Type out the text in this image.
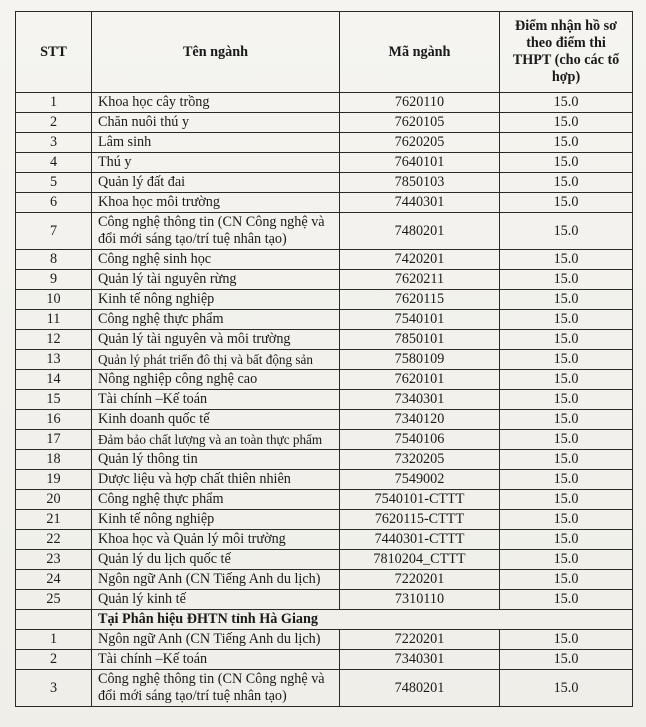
STT	Tên ngành	Mã ngành	Điểm nhận hồ sơ theo điểm thi THPT (cho các tổ hợp)
1	Khoa học cây trồng	7620110	15.0
2	Chăn nuôi thú y	7620105	15.0
3	Lâm sinh	7620205	15.0
4	Thú y	7640101	15.0
5	Quản lý đất đai	7850103	15.0
6	Khoa học môi trường	7440301	15.0
7	Công nghệ thông tin (CN Công nghệ và đổi mới sáng tạo/trí tuệ nhân tạo)	7480201	15.0
8	Công nghệ sinh học	7420201	15.0
9	Quản lý tài nguyên rừng	7620211	15.0
10	Kinh tế nông nghiệp	7620115	15.0
11	Công nghệ thực phẩm	7540101	15.0
12	Quản lý tài nguyên và môi trường	7850101	15.0
13	Quản lý phát triển đô thị và bất động sản	7580109	15.0
14	Nông nghiệp công nghệ cao	7620101	15.0
15	Tài chính –Kế toán	7340301	15.0
16	Kinh doanh quốc tế	7340120	15.0
17	Đảm bảo chất lượng và an toàn thực phẩm	7540106	15.0
18	Quản lý thông tin	7320205	15.0
19	Dược liệu và hợp chất thiên nhiên	7549002	15.0
20	Công nghệ thực phẩm	7540101-CTTT	15.0
21	Kinh tế nông nghiệp	7620115-CTTT	15.0
22	Khoa học và Quản lý môi trường	7440301-CTTT	15.0
23	Quản lý du lịch quốc tế	7810204_CTTT	15.0
24	Ngôn ngữ Anh (CN Tiếng Anh du lịch)	7220201	15.0
25	Quản lý kinh tế	7310110	15.0
	Tại Phân hiệu ĐHTN tỉnh Hà Giang		
1	Ngôn ngữ Anh (CN Tiếng Anh du lịch)	7220201	15.0
2	Tài chính –Kế toán	7340301	15.0
3	Công nghệ thông tin (CN Công nghệ và đổi mới sáng tạo/trí tuệ nhân tạo)	7480201	15.0
